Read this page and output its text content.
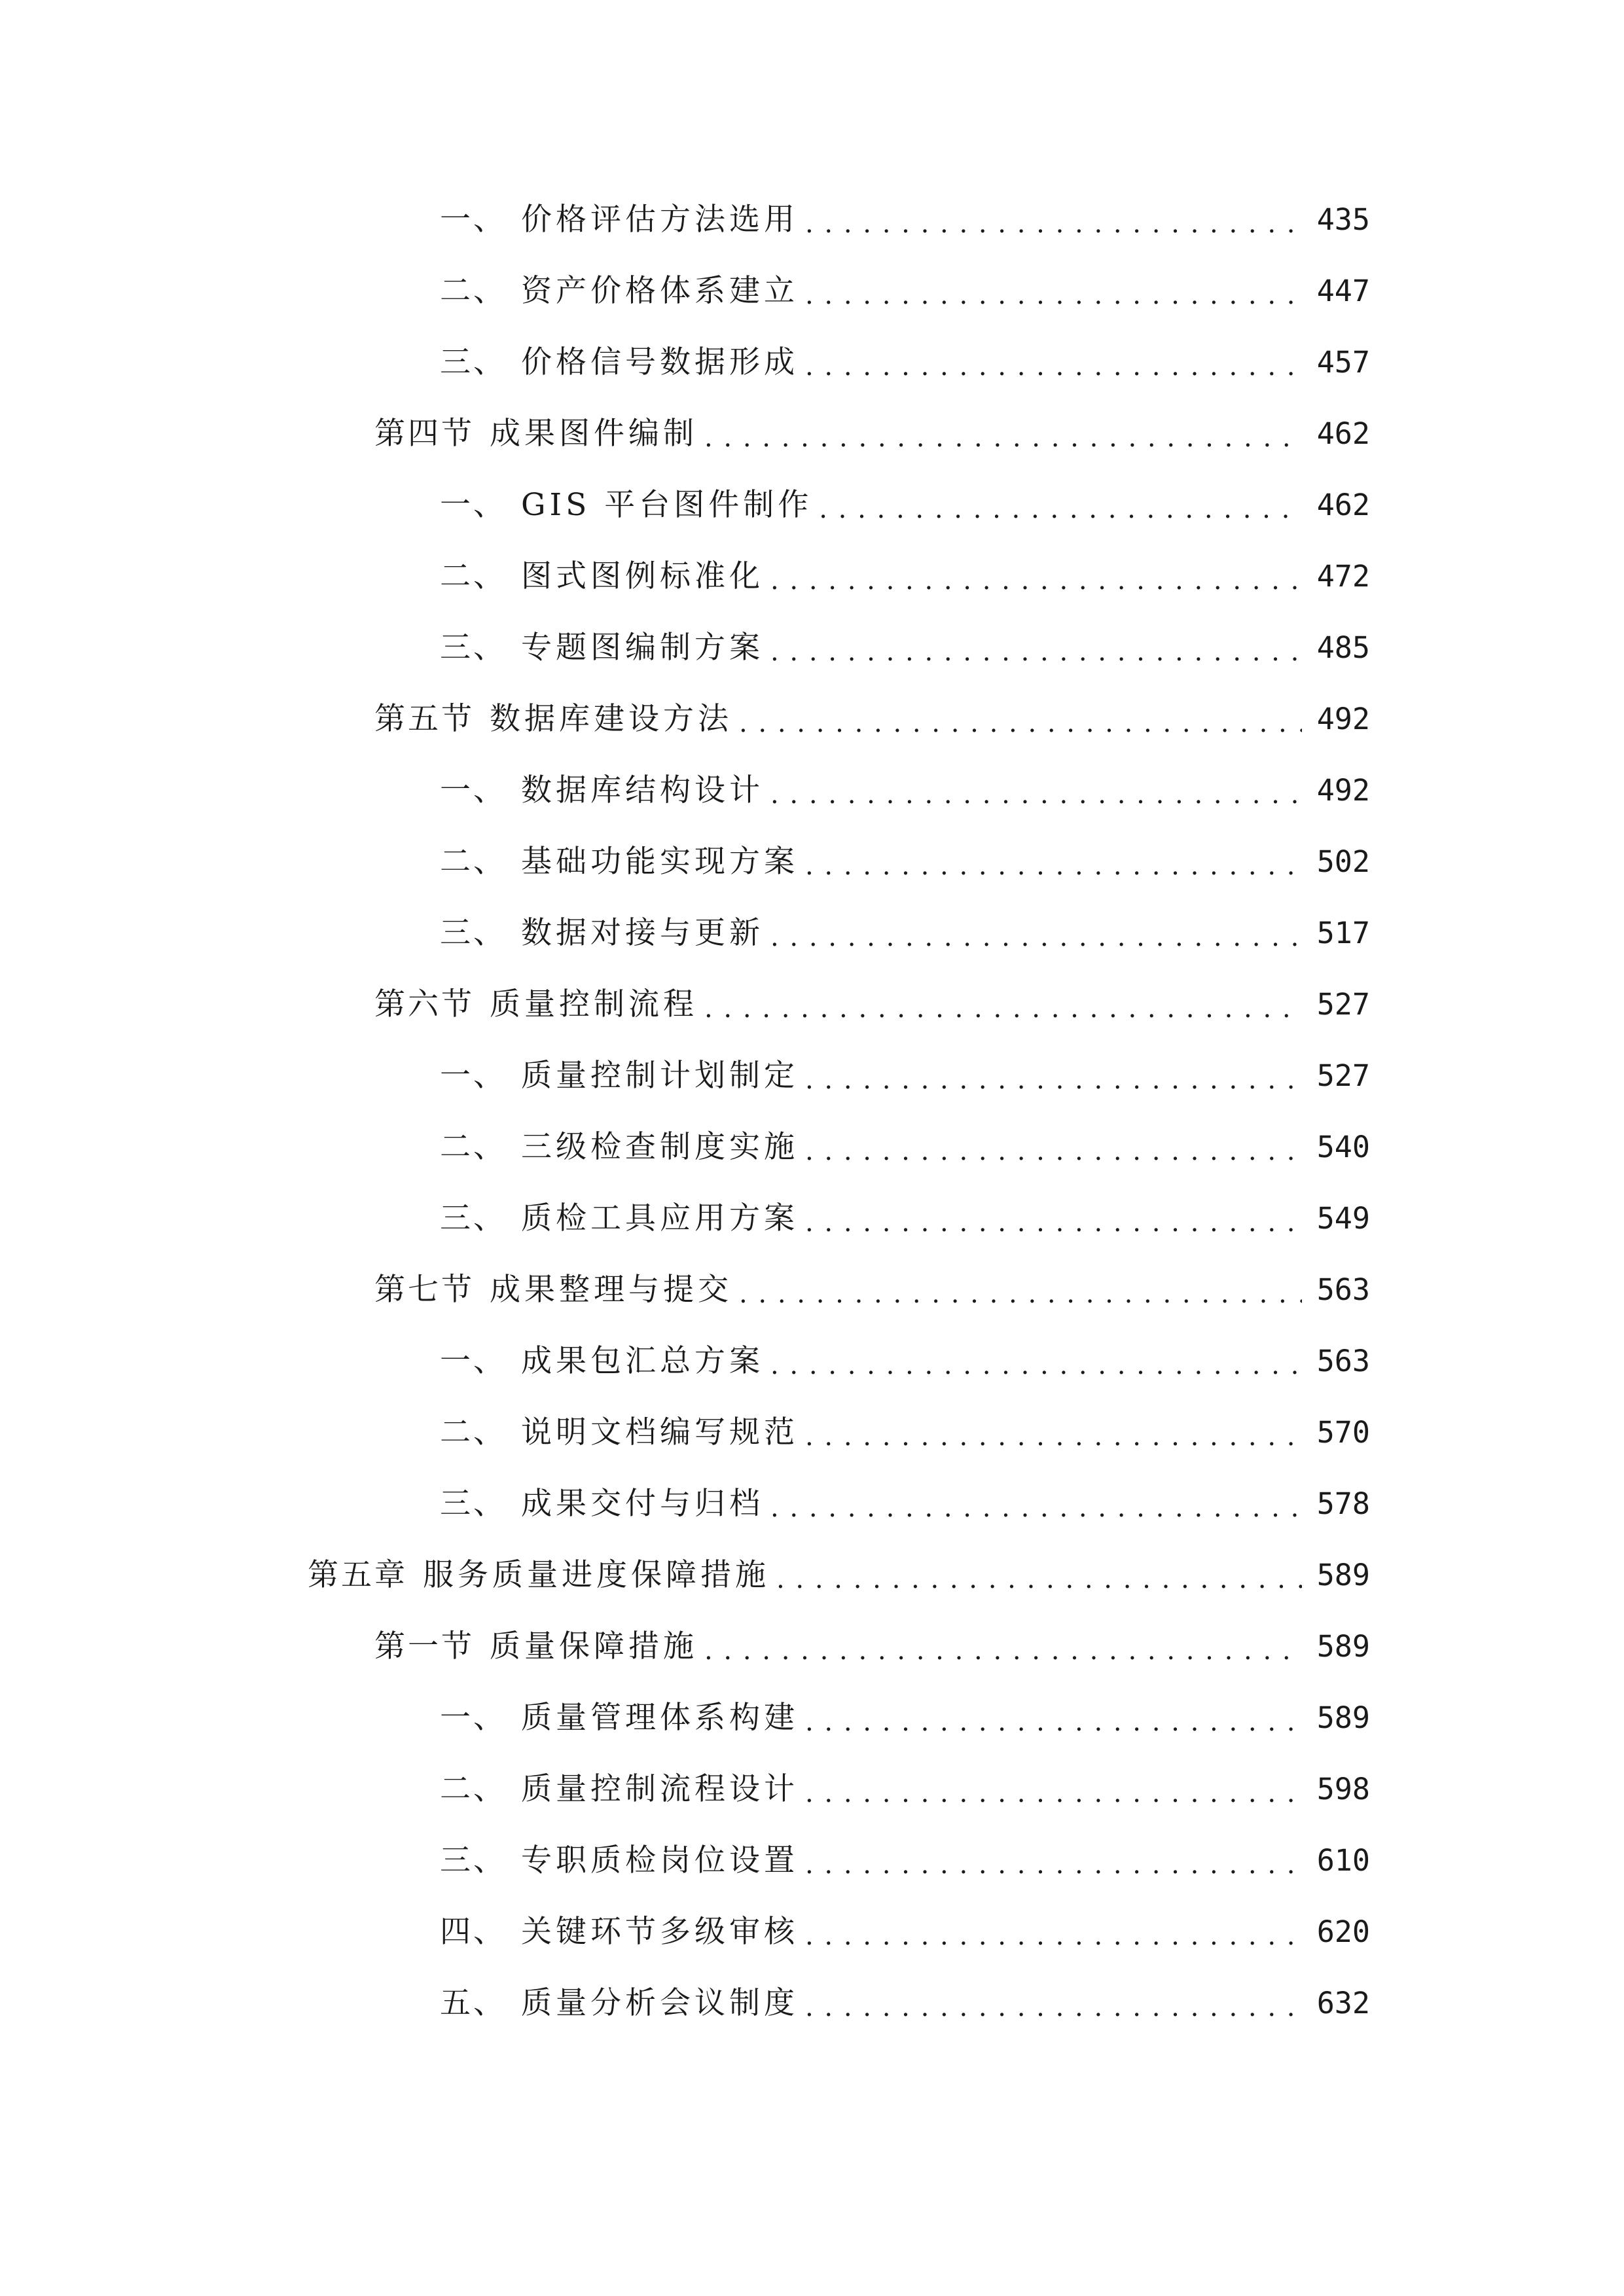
一、 价格评估方法选用 . . .	435
二、 资产价格体系建立 . . .	447
三、 价格信号数据形成 . . .	457
第四节 成果图件编制 . . .	462
一、 GIS 平台图件制作 . . .	462
二、 图式图例标准化 . . .	472
三、 专题图编制方案 . . .	485
第五节 数据库建设方法 . . .	492
一、 数据库结构设计 . . .	492
二、 基础功能实现方案 . . .	502
三、 数据对接与更新 . . .	517
第六节 质量控制流程 . . .	527
一、 质量控制计划制定 . . .	527
二、 三级检查制度实施 . . .	540
三、 质检工具应用方案 . . .	549
第七节 成果整理与提交 . . .	563
一、 成果包汇总方案 . . .	563
二、 说明文档编写规范 . . .	570
三、 成果交付与归档 . . .	578
第五章 服务质量进度保障措施 . . .	589
第一节 质量保障措施 . . .	589
一、 质量管理体系构建 . . .	589
二、 质量控制流程设计 . . .	598
三、 专职质检岗位设置 . . .	610
四、 关键环节多级审核 . . .	620
五、 质量分析会议制度 . . .	632
